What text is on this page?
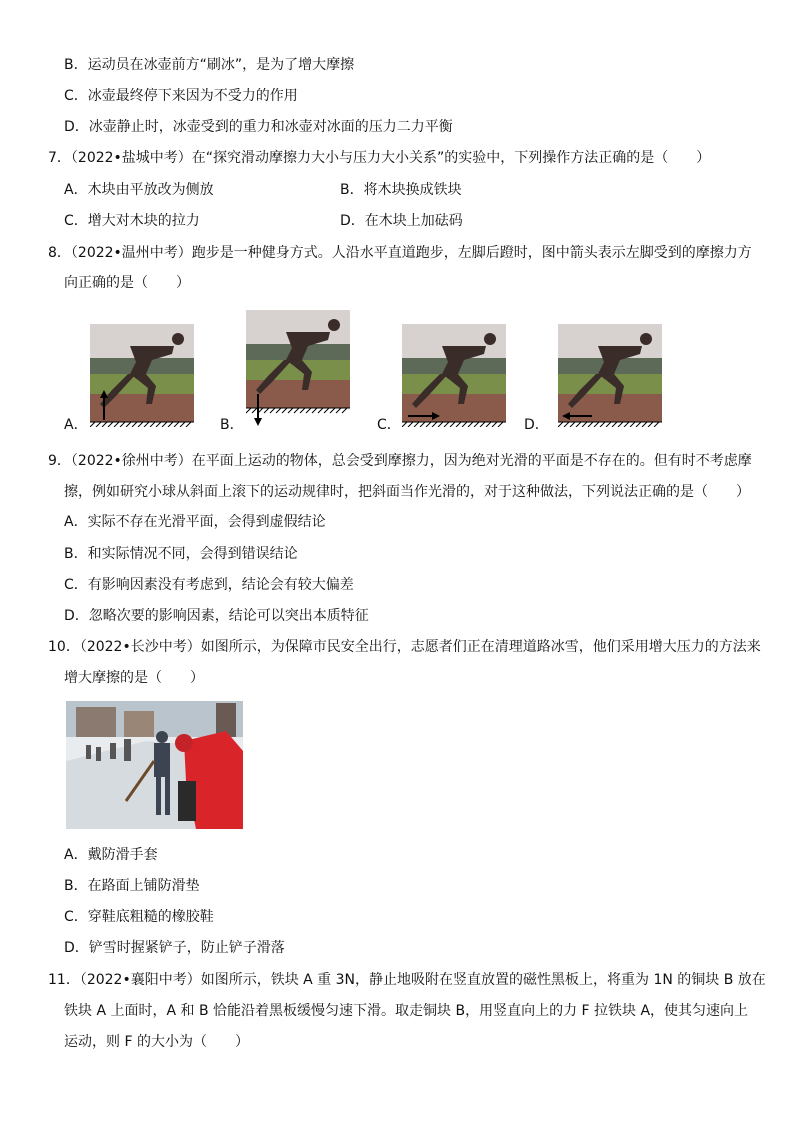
B．运动员在冰壶前方“刷冰”，是为了增大摩擦
C．冰壶最终停下来因为不受力的作用
D．冰壶静止时，冰壶受到的重力和冰壶对冰面的压力二力平衡
7．（2022•盐城中考）在“探究滑动摩擦力大小与压力大小关系”的实验中，下列操作方法正确的是（　　）
A．木块由平放改为侧放	B．将木块换成铁块
C．增大对木块的拉力	D．在木块上加砝码
8．（2022•温州中考）跑步是一种健身方式。人沿水平直道跑步，左脚后蹬时，图中箭头表示左脚受到的摩擦力方
向正确的是（　　）
A．	B．	C．	D．
9．（2022•徐州中考）在平面上运动的物体，总会受到摩擦力，因为绝对光滑的平面是不存在的。但有时不考虑摩
擦，例如研究小球从斜面上滚下的运动规律时，把斜面当作光滑的，对于这种做法，下列说法正确的是（　　）
A．实际不存在光滑平面，会得到虚假结论
B．和实际情况不同，会得到错误结论
C．有影响因素没有考虑到，结论会有较大偏差
D．忽略次要的影响因素，结论可以突出本质特征
10．（2022•长沙中考）如图所示，为保障市民安全出行，志愿者们正在清理道路冰雪，他们采用增大压力的方法来
增大摩擦的是（　　）
A．戴防滑手套
B．在路面上铺防滑垫
C．穿鞋底粗糙的橡胶鞋
D．铲雪时握紧铲子，防止铲子滑落
11．（2022•襄阳中考）如图所示，铁块 A 重 3N，静止地吸附在竖直放置的磁性黑板上，将重为 1N 的铜块 B 放在
铁块 A 上面时，A 和 B 恰能沿着黑板缓慢匀速下滑。取走铜块 B，用竖直向上的力 F 拉铁块 A，使其匀速向上
运动，则 F 的大小为（　　）
